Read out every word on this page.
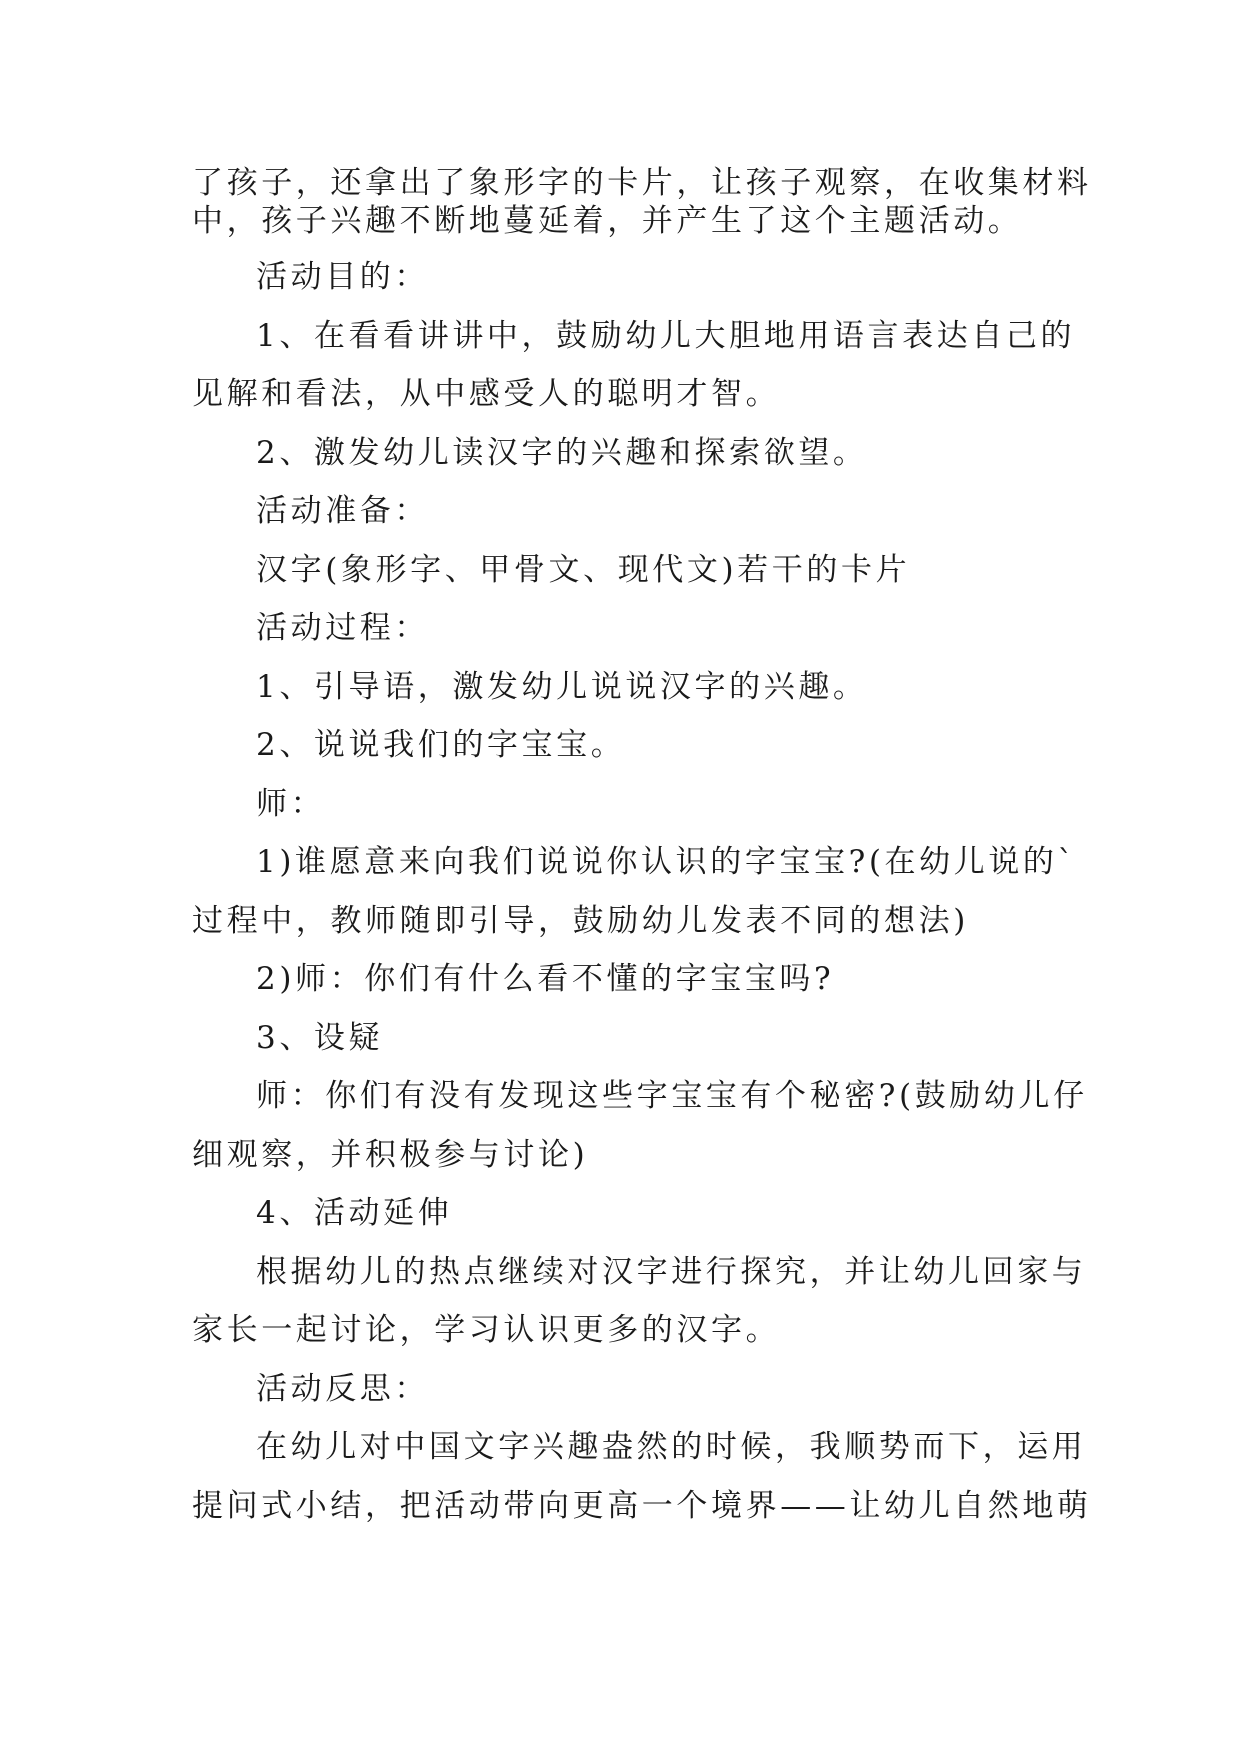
了孩子，还拿出了象形字的卡片，让孩子观察，在收集材料
中，孩子兴趣不断地蔓延着，并产生了这个主题活动。
活动目的：
1、在看看讲讲中，鼓励幼儿大胆地用语言表达自己的
见解和看法，从中感受人的聪明才智。
2、激发幼儿读汉字的兴趣和探索欲望。
活动准备：
汉字(象形字、甲骨文、现代文)若干的卡片
活动过程：
1、引导语，激发幼儿说说汉字的兴趣。
2、说说我们的字宝宝。
师：
1)谁愿意来向我们说说你认识的字宝宝?(在幼儿说的`
过程中，教师随即引导，鼓励幼儿发表不同的想法)
2)师：你们有什么看不懂的字宝宝吗?
3、设疑
师：你们有没有发现这些字宝宝有个秘密?(鼓励幼儿仔
细观察，并积极参与讨论)
4、活动延伸
根据幼儿的热点继续对汉字进行探究，并让幼儿回家与
家长一起讨论，学习认识更多的汉字。
活动反思：
在幼儿对中国文字兴趣盎然的时候，我顺势而下，运用
提问式小结，把活动带向更高一个境界——让幼儿自然地萌
